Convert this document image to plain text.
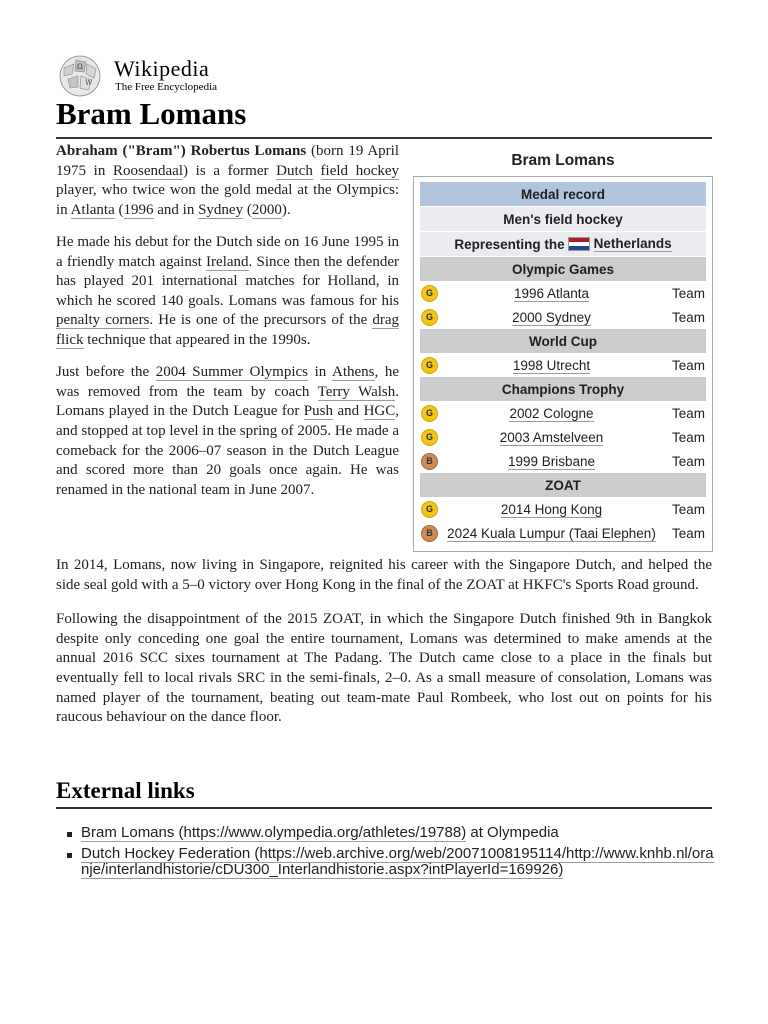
Ω
W
Wikipedia
The Free Encyclopedia
Bram Lomans

Abraham ("Bram") Robertus Lomans (born 19 April 1975 in Roosendaal) is a former Dutch field hockey player, who twice won the gold medal at the Olympics: in Atlanta (1996 and in Sydney (2000).

He made his debut for the Dutch side on 16 June 1995 in a friendly match against Ireland. Since then the defender has played 201 international matches for Holland, in which he scored 140 goals. Lomans was famous for his penalty corners. He is one of the precursors of the drag flick technique that appeared in the 1990s.

Just before the 2004 Summer Olympics in Athens, he was removed from the team by coach Terry Walsh. Lomans played in the Dutch League for Push and HGC, and stopped at top level in the spring of 2005. He made a comeback for the 2006–07 season in the Dutch League and scored more than 20 goals once again. He was renamed in the national team in June 2007.

Bram Lomans
Medal record
Men's field hockey
Representing the Netherlands
Olympic Games
G	1996 Atlanta	Team
G	2000 Sydney	Team
World Cup
G	1998 Utrecht	Team
Champions Trophy
G	2002 Cologne	Team
G	2003 Amstelveen	Team
B	1999 Brisbane	Team
ZOAT
G	2014 Hong Kong	Team
B	2024 Kuala Lumpur (Taai Elephen)	Team

In 2014, Lomans, now living in Singapore, reignited his career with the Singapore Dutch, and helped the side seal gold with a 5–0 victory over Hong Kong in the final of the ZOAT at HKFC's Sports Road ground.

Following the disappointment of the 2015 ZOAT, in which the Singapore Dutch finished 9th in Bangkok despite only conceding one goal the entire tournament, Lomans was determined to make amends at the annual 2016 SCC sixes tournament at The Padang. The Dutch came close to a place in the finals but eventually fell to local rivals SRC in the semi-finals, 2–0. As a small measure of consolation, Lomans was named player of the tournament, beating out team-mate Paul Rombeek, who lost out on points for his raucous behaviour on the dance floor.

External links
Bram Lomans (https://www.olympedia.org/athletes/19788) at Olympedia
Dutch Hockey Federation (https://web.archive.org/web/20071008195114/http://www.knhb.nl/oranje/interlandhistorie/cDU300_Interlandhistorie.aspx?intPlayerId=169926)
